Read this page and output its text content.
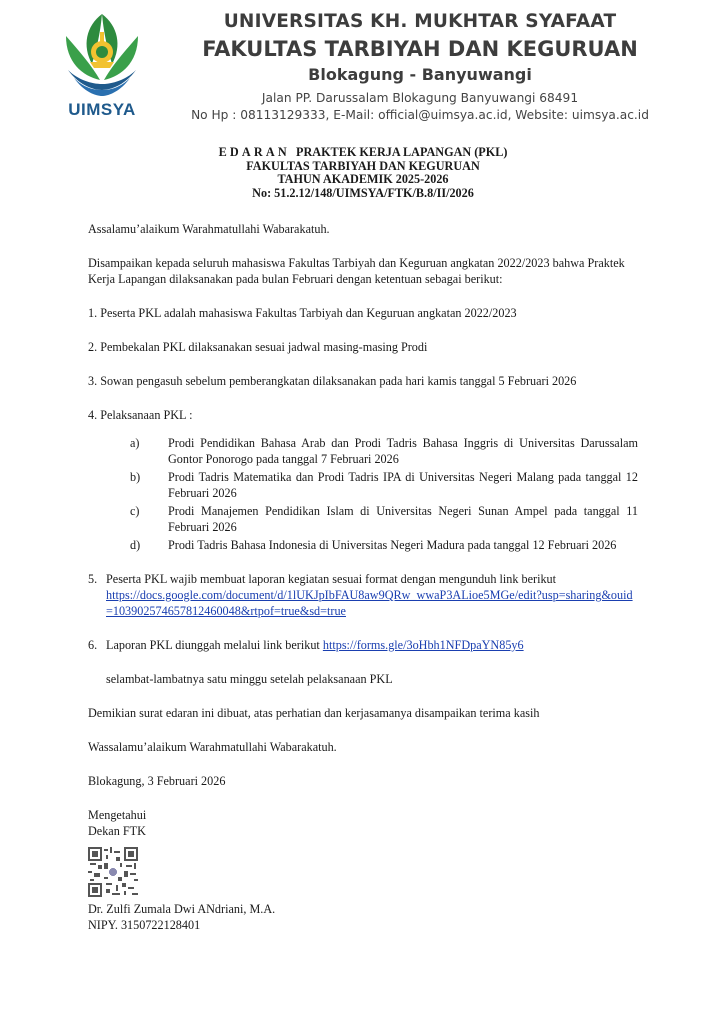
UIMSYA
UNIVERSITAS KH. MUKHTAR SYAFAAT
FAKULTAS TARBIYAH DAN KEGURUAN
Blokagung - Banyuwangi
Jalan PP. Darussalam Blokagung Banyuwangi 68491
No Hp : 08113129333, E-Mail: official@uimsya.ac.id, Website: uimsya.ac.id
EDARAN PRAKTEK KERJA LAPANGAN (PKL)
FAKULTAS TARBIYAH DAN KEGURUAN
TAHUN AKADEMIK 2025-2026
No: 51.2.12/148/UIMSYA/FTK/B.8/II/2026

Assalamu’alaikum Warahmatullahi Wabarakatuh.

Disampaikan kepada seluruh mahasiswa Fakultas Tarbiyah dan Keguruan angkatan 2022/2023 bahwa Praktek Kerja Lapangan dilaksanakan pada bulan Februari dengan ketentuan sebagai berikut:

1. Peserta PKL adalah mahasiswa Fakultas Tarbiyah dan Keguruan angkatan 2022/2023

2. Pembekalan PKL dilaksanakan sesuai jadwal masing-masing Prodi

3. Sowan pengasuh sebelum pemberangkatan dilaksanakan pada hari kamis tanggal 5 Februari 2026

4. Pelaksanaan PKL :

a)	Prodi Pendidikan Bahasa Arab dan Prodi Tadris Bahasa Inggris di Universitas Darussalam Gontor Ponorogo pada tanggal 7 Februari 2026
b)	Prodi Tadris Matematika dan Prodi Tadris IPA di Universitas Negeri Malang pada tanggal 12 Februari 2026
c)	Prodi Manajemen Pendidikan Islam di Universitas Negeri Sunan Ampel pada tanggal 11 Februari 2026
d)	Prodi Tadris Bahasa Indonesia di Universitas Negeri Madura pada tanggal 12 Februari 2026
5. Peserta PKL wajib membuat laporan kegiatan sesuai format dengan mengunduh link berikut
https://docs.google.com/document/d/1lUKJpIbFAU8aw9QRw_wwaP3ALioe5MGe/edit?usp=sharing&ouid=103902574657812460048&rtpof=true&sd=true
6. Laporan PKL diunggah melalui link berikut https://forms.gle/3oHbh1NFDpaYN85y6
selambat-lambatnya satu minggu setelah pelaksanaan PKL

Demikian surat edaran ini dibuat, atas perhatian dan kerjasamanya disampaikan terima kasih

Wassalamu’alaikum Warahmatullahi Wabarakatuh.

Blokagung, 3 Februari 2026

Mengetahui

Dekan FTK

Dr. Zulfi Zumala Dwi ANdriani, M.A.

NIPY. 3150722128401
